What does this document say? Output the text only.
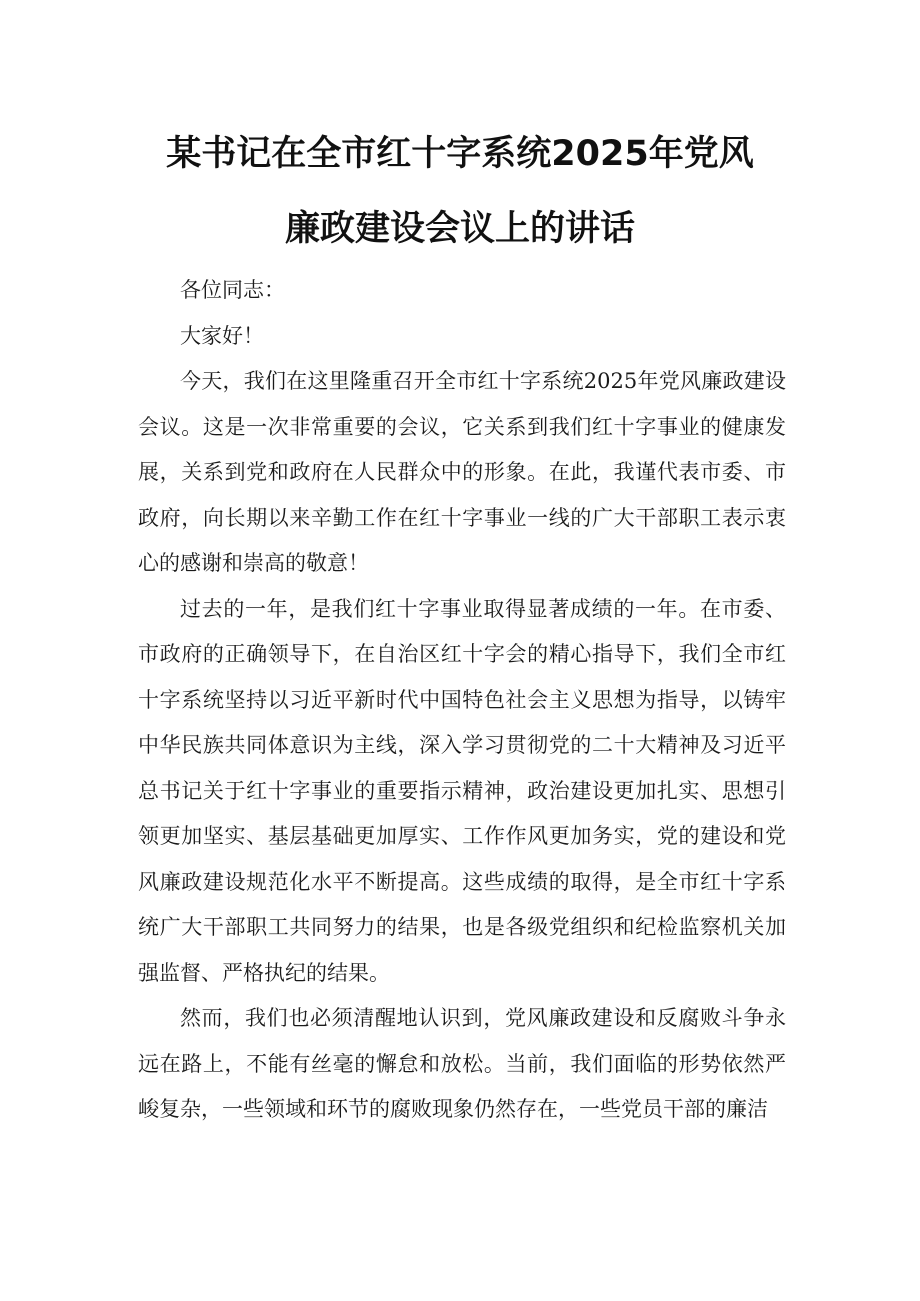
某书记在全市红十字系统2025年党风
廉政建设会议上的讲话

各位同志：

大家好！

今天，我们在这里隆重召开全市红十字系统2025年党风廉政建设会议。这是一次非常重要的会议，它关系到我们红十字事业的健康发展，关系到党和政府在人民群众中的形象。在此，我谨代表市委、市政府，向长期以来辛勤工作在红十字事业一线的广大干部职工表示衷心的感谢和崇高的敬意！

过去的一年，是我们红十字事业取得显著成绩的一年。在市委、市政府的正确领导下，在自治区红十字会的精心指导下，我们全市红十字系统坚持以习近平新时代中国特色社会主义思想为指导，以铸牢中华民族共同体意识为主线，深入学习贯彻党的二十大精神及习近平总书记关于红十字事业的重要指示精神，政治建设更加扎实、思想引领更加坚实、基层基础更加厚实、工作作风更加务实，党的建设和党风廉政建设规范化水平不断提高。这些成绩的取得，是全市红十字系统广大干部职工共同努力的结果，也是各级党组织和纪检监察机关加强监督、严格执纪的结果。

然而，我们也必须清醒地认识到，党风廉政建设和反腐败斗争永远在路上，不能有丝毫的懈怠和放松。当前，我们面临的形势依然严峻复杂，一些领域和环节的腐败现象仍然存在，一些党员干部的廉洁
